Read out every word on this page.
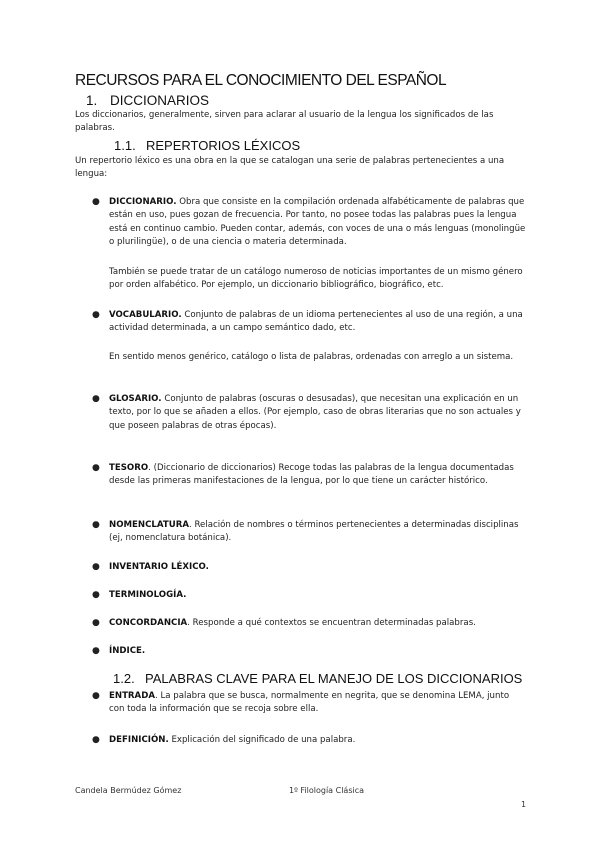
RECURSOS PARA EL CONOCIMIENTO DEL ESPAÑOL
1. DICCIONARIOS
Los diccionarios, generalmente, sirven para aclarar al usuario de la lengua los significados de las palabras.
1.1. REPERTORIOS LÉXICOS
Un repertorio léxico es una obra en la que se catalogan una serie de palabras pertenecientes a una lengua:
● DICCIONARIO. Obra que consiste en la compilación ordenada alfabéticamente de palabras que están en uso, pues gozan de frecuencia. Por tanto, no posee todas las palabras pues la lengua está en continuo cambio. Pueden contar, además, con voces de una o más lenguas (monolingüe o plurilingüe), o de una ciencia o materia determinada.
También se puede tratar de un catálogo numeroso de noticias importantes de un mismo género por orden alfabético. Por ejemplo, un diccionario bibliográfico, biográfico, etc.
● VOCABULARIO. Conjunto de palabras de un idioma pertenecientes al uso de una región, a una actividad determinada, a un campo semántico dado, etc.
En sentido menos genérico, catálogo o lista de palabras, ordenadas con arreglo a un sistema.
● GLOSARIO. Conjunto de palabras (oscuras o desusadas), que necesitan una explicación en un texto, por lo que se añaden a ellos. (Por ejemplo, caso de obras literarias que no son actuales y que poseen palabras de otras épocas).
● TESORO. (Diccionario de diccionarios) Recoge todas las palabras de la lengua documentadas desde las primeras manifestaciones de la lengua, por lo que tiene un carácter histórico.
● NOMENCLATURA. Relación de nombres o términos pertenecientes a determinadas disciplinas (ej, nomenclatura botánica).
● INVENTARIO LÉXICO.
● TERMINOLOGÍA.
● CONCORDANCIA. Responde a qué contextos se encuentran determinadas palabras.
● ÍNDICE.
1.2. PALABRAS CLAVE PARA EL MANEJO DE LOS DICCIONARIOS
● ENTRADA. La palabra que se busca, normalmente en negrita, que se denomina LEMA, junto con toda la información que se recoja sobre ella.
● DEFINICIÓN. Explicación del significado de una palabra.
Candela Bermúdez Gómez	1º Filología Clásica
1
